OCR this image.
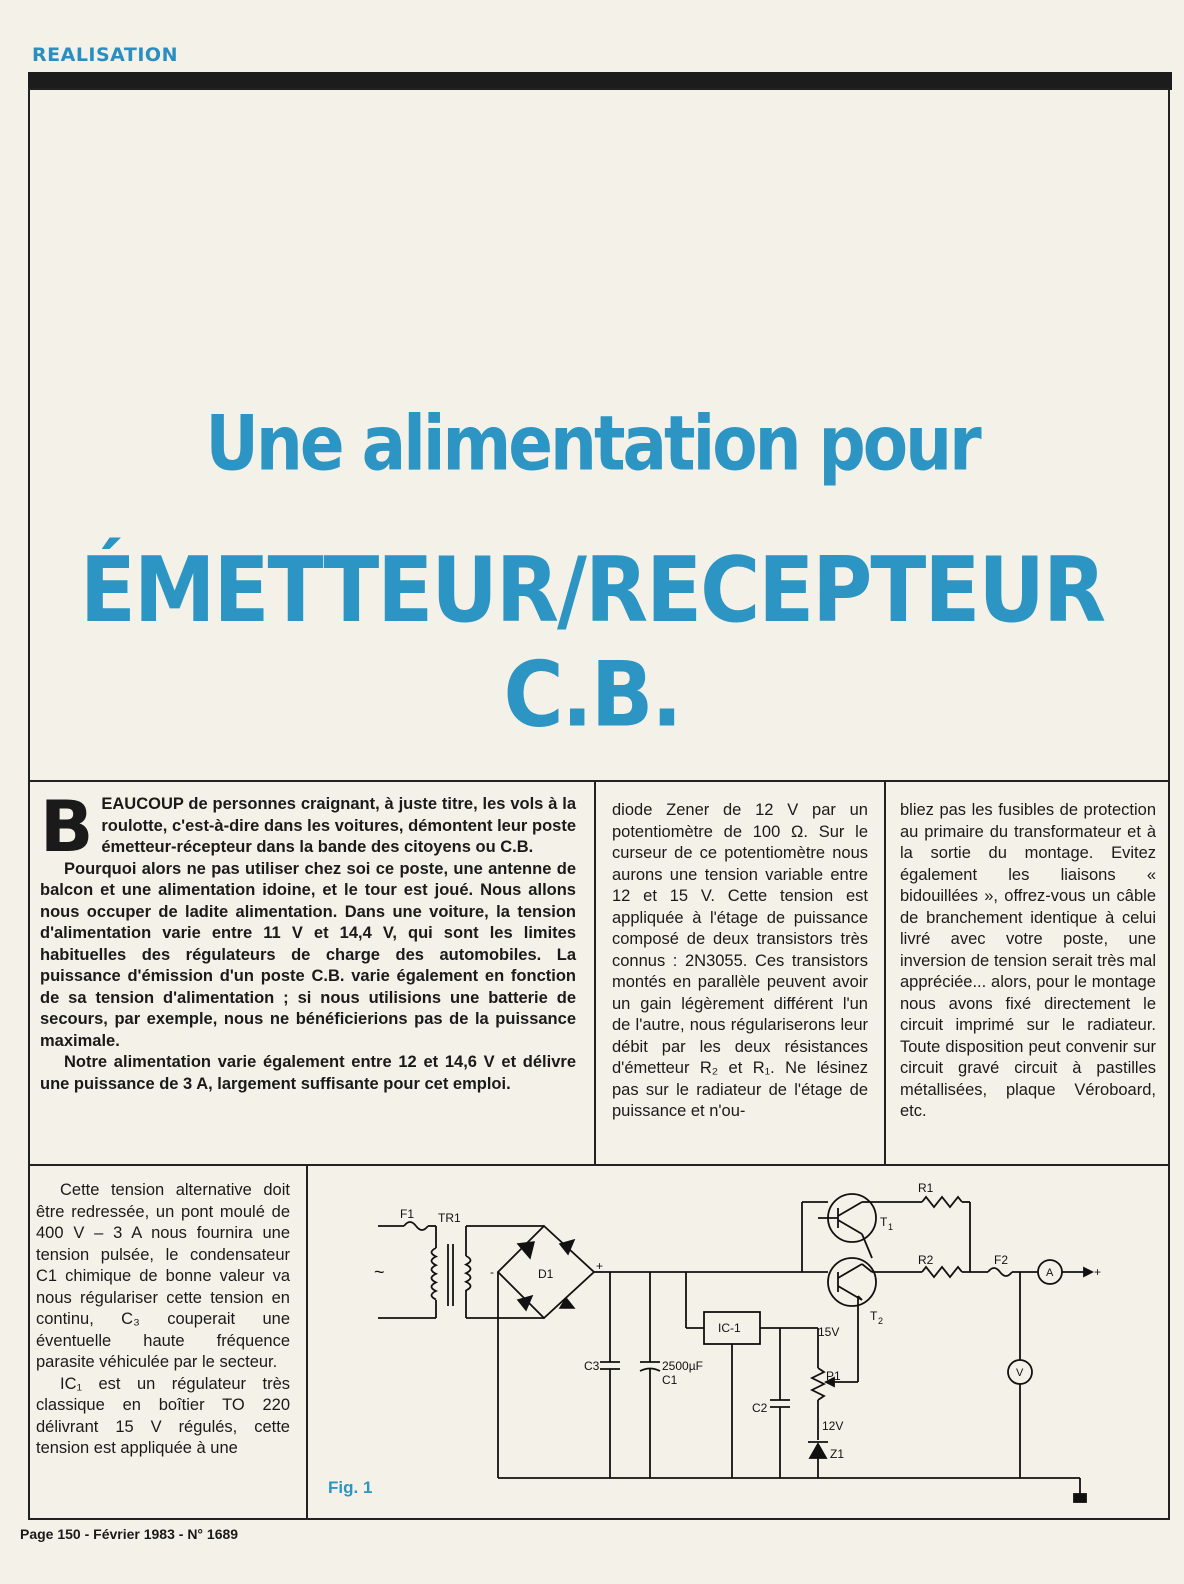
REALISATION
Une alimentation pour
ÉMETTEUR/RECEPTEUR C.B.
B EAUCOUP de personnes craignant, à juste titre, les vols à la roulotte, c'est-à-dire dans les voitures, démontent leur poste émetteur-récepteur dans la bande des citoyens ou C.B.

Pourquoi alors ne pas utiliser chez soi ce poste, une antenne de balcon et une alimentation idoine, et le tour est joué. Nous allons nous occuper de ladite alimentation. Dans une voiture, la tension d'alimentation varie entre 11 V et 14,4 V, qui sont les limites habituelles des régulateurs de charge des automobiles. La puissance d'émission d'un poste C.B. varie également en fonction de sa tension d'alimentation ; si nous utilisions une batterie de secours, par exemple, nous ne bénéficierions pas de la puissance maximale.

Notre alimentation varie également entre 12 et 14,6 V et délivre une puissance de 3 A, largement suffisante pour cet emploi.

diode Zener de 12 V par un potentiomètre de 100 Ω. Sur le curseur de ce potentiomètre nous aurons une tension variable entre 12 et 15 V. Cette tension est appliquée à l'étage de puissance composé de deux transistors très connus : 2N3055. Ces transistors montés en parallèle peuvent avoir un gain légèrement différent l'un de l'autre, nous régulariserons leur débit par les deux résistances d'émetteur R₂ et R₁. Ne lésinez pas sur le radiateur de l'étage de puissance et n'ou-

bliez pas les fusibles de protection au primaire du transformateur et à la sortie du montage. Evitez également les liaisons « bidouillées », offrez-vous un câble de branchement identique à celui livré avec votre poste, une inversion de tension serait très mal appréciée... alors, pour le montage nous avons fixé directement le circuit imprimé sur le radiateur. Toute disposition peut convenir sur circuit gravé circuit à pastilles métallisées, plaque Véroboard, etc.

Cette tension alternative doit être redressée, un pont moulé de 400 V – 3 A nous fournira une tension pulsée, le condensateur C1 chimique de bonne valeur va nous régulariser cette tension en continu, C₃ couperait une éventuelle haute fréquence parasite véhiculée par le secteur.

IC₁ est un régulateur très classique en boîtier TO 220 délivrant 15 V régulés, cette tension est appliquée à une

F1 TR1
~	-	+
D1
R1
T 1
R2
T 2
F2
A	+
IC-1	15V
C3	2500µF
C1	P1
C2
12V
V
Z1
Fig. 1
Page 150 - Février 1983 - N° 1689
